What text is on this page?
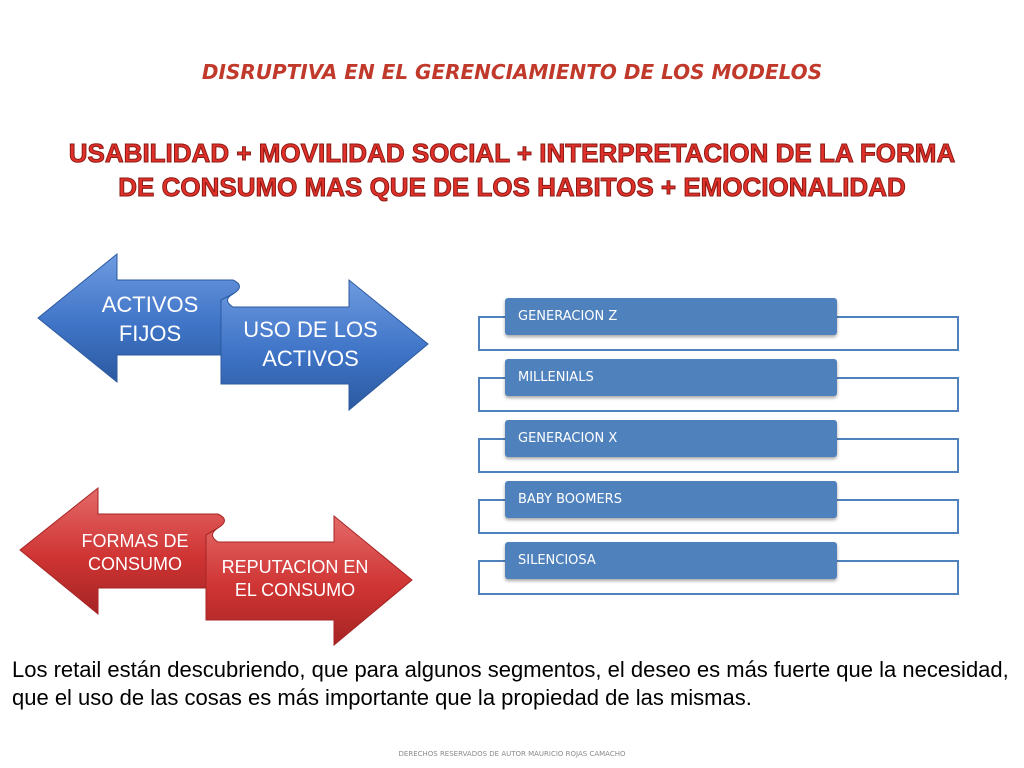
DISRUPTIVA EN EL GERENCIAMIENTO DE LOS MODELOS

USABILIDAD + MOVILIDAD SOCIAL + INTERPRETACION DE LA FORMA DE CONSUMO MAS QUE DE LOS HABITOS + EMOCIONALIDAD

ACTIVOS FIJOS	USO DE LOS ACTIVOS
FORMAS DE CONSUMO	REPUTACION EN EL CONSUMO
GENERACION Z
MILLENIALS
GENERACION X
BABY BOOMERS
SILENCIOSA

Los retail están descubriendo, que para algunos segmentos, el deseo es más fuerte que la necesidad, que el uso de las cosas es más importante que la propiedad de las mismas.

DERECHOS RESERVADOS DE AUTOR MAURICIO ROJAS CAMACHO
